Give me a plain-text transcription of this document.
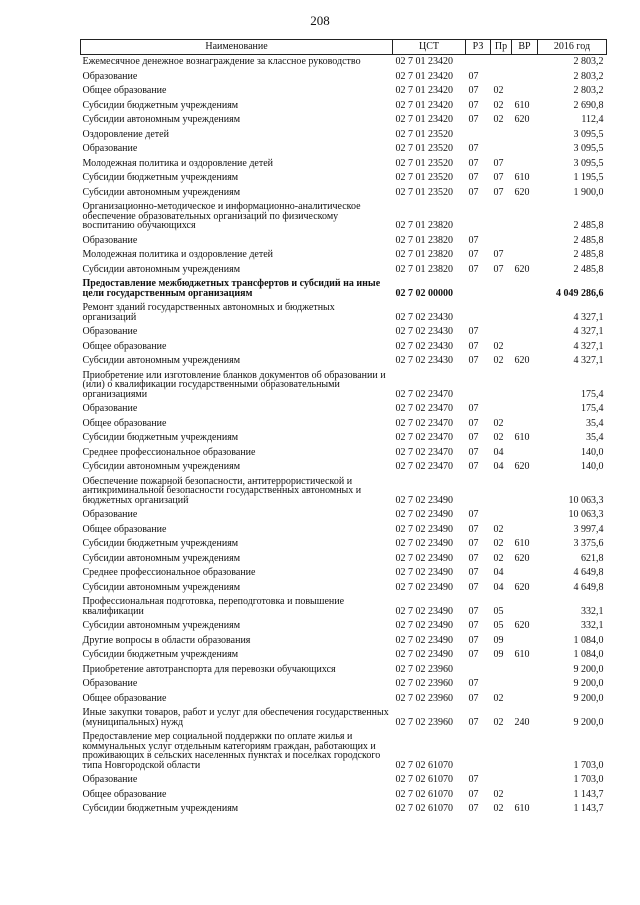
208
Наименование	ЦСТ	РЗ	Пр	ВР	2016 год
Ежемесячное денежное вознаграждение за классное руководство	02 7 01 23420				2 803,2
Образование	02 7 01 23420	07			2 803,2
Общее образование	02 7 01 23420	07	02		2 803,2
Субсидии бюджетным учреждениям	02 7 01 23420	07	02	610	2 690,8
Субсидии автономным учреждениям	02 7 01 23420	07	02	620	112,4
Оздоровление детей	02 7 01 23520				3 095,5
Образование	02 7 01 23520	07			3 095,5
Молодежная политика и оздоровление детей	02 7 01 23520	07	07		3 095,5
Субсидии бюджетным учреждениям	02 7 01 23520	07	07	610	1 195,5
Субсидии автономным учреждениям	02 7 01 23520	07	07	620	1 900,0
Организационно-методическое и информационно-аналитическое обеспечение образовательных организаций по физическому воспитанию обучающихся	02 7 01 23820				2 485,8
Образование	02 7 01 23820	07			2 485,8
Молодежная политика и оздоровление детей	02 7 01 23820	07	07		2 485,8
Субсидии автономным учреждениям	02 7 01 23820	07	07	620	2 485,8
Предоставление межбюджетных трансфертов и субсидий на иные цели государственным организациям	02 7 02 00000				4 049 286,6
Ремонт зданий государственных автономных и бюджетных организаций	02 7 02 23430				4 327,1
Образование	02 7 02 23430	07			4 327,1
Общее образование	02 7 02 23430	07	02		4 327,1
Субсидии автономным учреждениям	02 7 02 23430	07	02	620	4 327,1
Приобретение или изготовление бланков документов об образовании и (или) о квалификации государственными образовательными организациями	02 7 02 23470				175,4
Образование	02 7 02 23470	07			175,4
Общее образование	02 7 02 23470	07	02		35,4
Субсидии бюджетным учреждениям	02 7 02 23470	07	02	610	35,4
Среднее профессиональное образование	02 7 02 23470	07	04		140,0
Субсидии автономным учреждениям	02 7 02 23470	07	04	620	140,0
Обеспечение пожарной безопасности, антитеррористической и антикриминальной безопасности государственных автономных и бюджетных организаций	02 7 02 23490				10 063,3
Образование	02 7 02 23490	07			10 063,3
Общее образование	02 7 02 23490	07	02		3 997,4
Субсидии бюджетным учреждениям	02 7 02 23490	07	02	610	3 375,6
Субсидии автономным учреждениям	02 7 02 23490	07	02	620	621,8
Среднее профессиональное образование	02 7 02 23490	07	04		4 649,8
Субсидии автономным учреждениям	02 7 02 23490	07	04	620	4 649,8
Профессиональная подготовка, переподготовка и повышение квалификации	02 7 02 23490	07	05		332,1
Субсидии автономным учреждениям	02 7 02 23490	07	05	620	332,1
Другие вопросы в области образования	02 7 02 23490	07	09		1 084,0
Субсидии бюджетным учреждениям	02 7 02 23490	07	09	610	1 084,0
Приобретение автотранспорта для перевозки обучающихся	02 7 02 23960				9 200,0
Образование	02 7 02 23960	07			9 200,0
Общее образование	02 7 02 23960	07	02		9 200,0
Иные закупки товаров, работ и услуг для обеспечения государственных (муниципальных) нужд	02 7 02 23960	07	02	240	9 200,0
Предоставление мер социальной поддержки по оплате жилья и коммунальных услуг отдельным категориям граждан, работающих и проживающих в сельских населенных пунктах и поселках городского типа Новгородской области	02 7 02 61070				1 703,0
Образование	02 7 02 61070	07			1 703,0
Общее образование	02 7 02 61070	07	02		1 143,7
Субсидии бюджетным учреждениям	02 7 02 61070	07	02	610	1 143,7
